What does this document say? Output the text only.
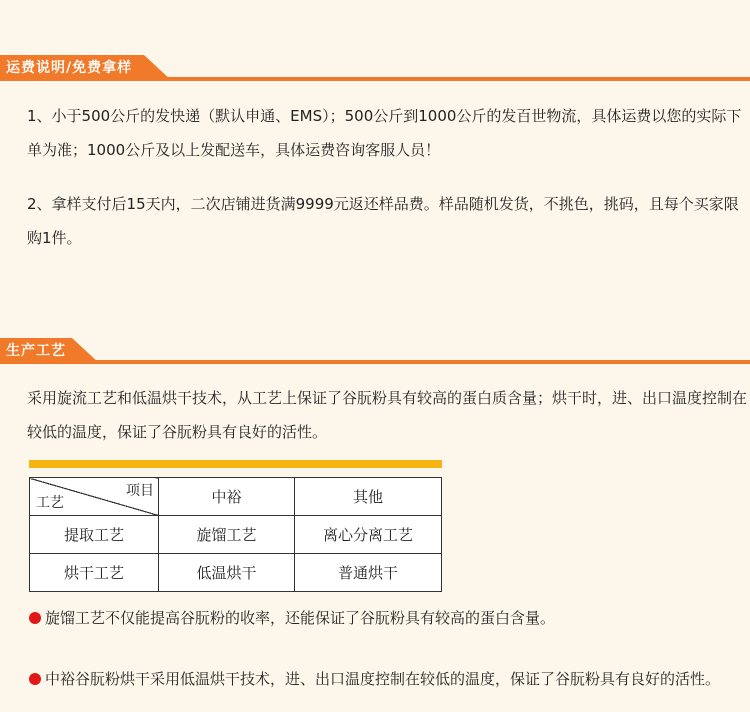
运费说明/免费拿样

1、小于500公斤的发快递（默认申通、EMS）；500公斤到1000公斤的发百世物流，具体运费以您的实际下单为准；1000公斤及以上发配送车，具体运费咨询客服人员！

2、拿样支付后15天内，二次店铺进货满9999元返还样品费。样品随机发货，不挑色，挑码，且每个买家限购1件。

生产工艺

采用旋流工艺和低温烘干技术，从工艺上保证了谷朊粉具有较高的蛋白质含量；烘干时，进、出口温度控制在较低的温度，保证了谷朊粉具有良好的活性。

项目
工艺	中裕	其他
提取工艺	旋馏工艺	离心分离工艺
烘干工艺	低温烘干	普通烘干
旋馏工艺不仅能提高谷朊粉的收率，还能保证了谷朊粉具有较高的蛋白含量。
中裕谷朊粉烘干采用低温烘干技术，进、出口温度控制在较低的温度，保证了谷朊粉具有良好的活性。
